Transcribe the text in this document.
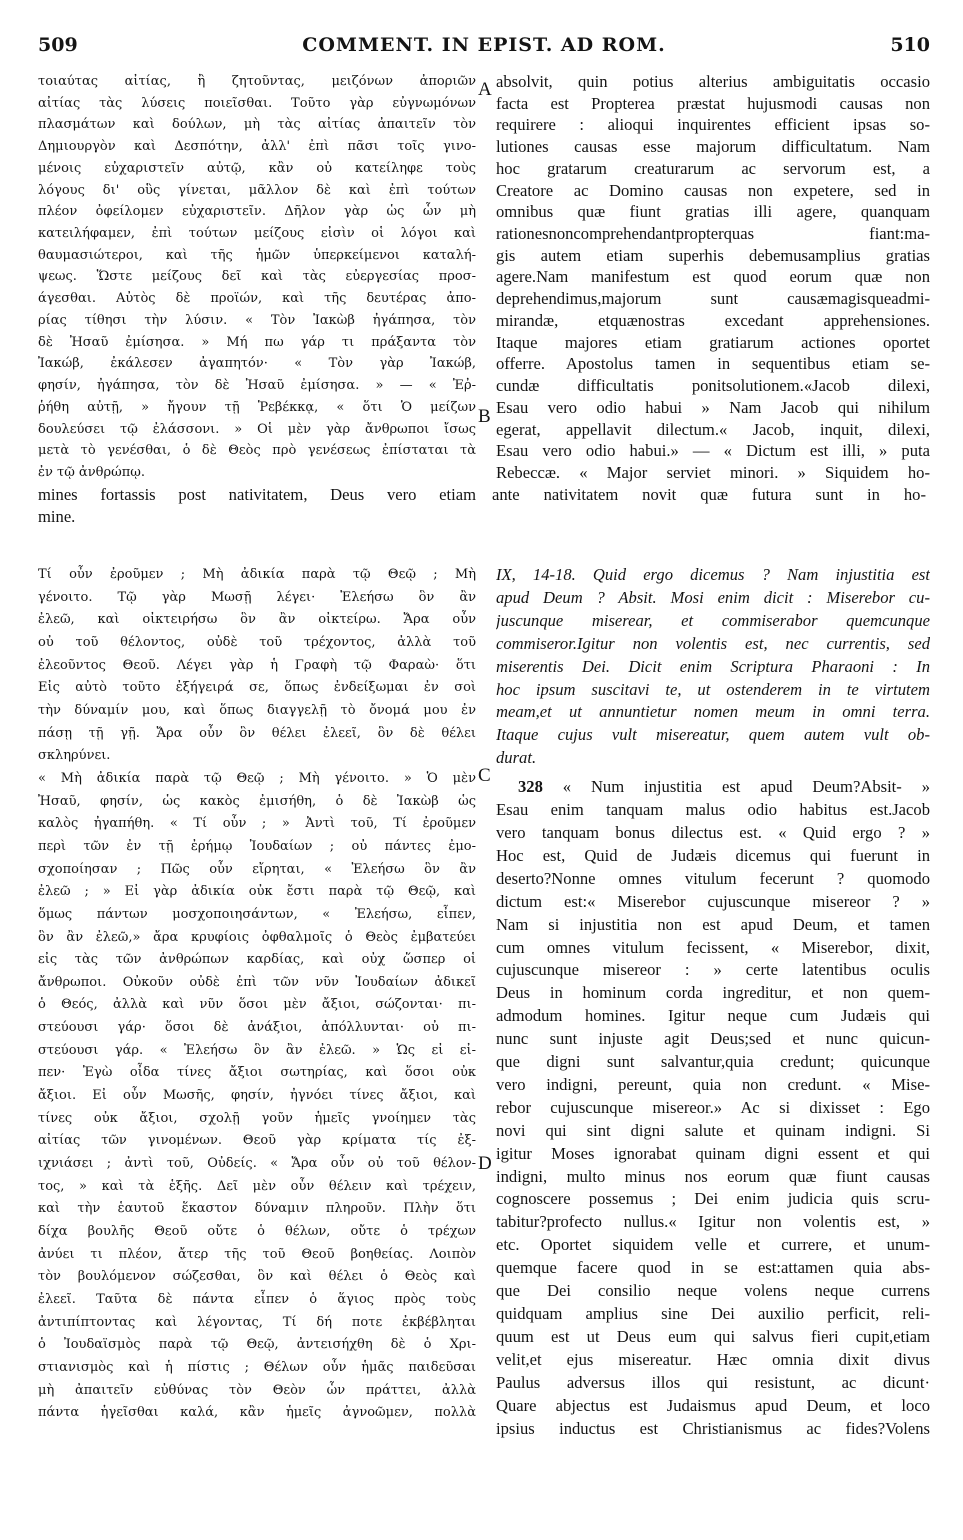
509	COMMENT. IN EPIST. AD ROM.	510
τοιαύτας αἰτίας, ἢ ζητοῦντας, μειζόνων ἀποριῶν
αἰτίας τὰς λύσεις ποιεῖσθαι. Τοῦτο γὰρ εὐγνωμόνων
πλασμάτων καὶ δούλων, μὴ τὰς αἰτίας ἀπαιτεῖν τὸν
Δημιουργὸν καὶ Δεσπότην, ἀλλ' ἐπὶ πᾶσι τοῖς γινο-
μένοις εὐχαριστεῖν αὐτῷ, κἂν οὐ κατείληφε τοὺς
λόγους δι' οὓς γίνεται, μᾶλλον δὲ καὶ ἐπὶ τούτων
πλέον ὀφείλομεν εὐχαριστεῖν. Δῆλον γὰρ ὡς ὧν μὴ
κατειλήφαμεν, ἐπὶ τούτων μείζους εἰσὶν οἱ λόγοι καὶ
θαυμασιώτεροι, καὶ τῆς ἡμῶν ὑπερκείμενοι καταλή-
ψεως. Ὥστε μείζους δεῖ καὶ τὰς εὐεργεσίας προσ-
άγεσθαι. Αὐτὸς δὲ προϊών, καὶ τῆς δευτέρας ἀπο-
ρίας τίθησι τὴν λύσιν. « Τὸν Ἰακὼβ ἠγάπησα, τὸν
δὲ Ἠσαῦ ἐμίσησα. » Μή πω γάρ τι πράξαντα τὸν
Ἰακώβ, ἐκάλεσεν ἀγαπητόν· « Τὸν γὰρ Ἰακώβ,
φησίν, ἠγάπησα, τὸν δὲ Ἠσαῦ ἐμίσησα. » — « Ἐῤ-
ῥήθη αὐτῇ, » ἤγουν τῇ Ῥεβέκκᾳ, « ὅτι Ὁ μείζων
δουλεύσει τῷ ἐλάσσονι. » Οἱ μὲν γὰρ ἄνθρωποι ἴσως
μετὰ τὸ γενέσθαι, ὁ δὲ Θεὸς πρὸ γενέσεως ἐπίσταται τὰ
ἐν τῷ ἀνθρώπῳ.
absolvit, quin potius alterius ambiguitatis occasio
facta est Propterea præstat hujusmodi causas non
requirere : alioqui inquirentes efficient ipsas so-
lutiones causas esse majorum difficultatum. Nam
hoc gratarum creaturarum ac servorum est, a
Creatore ac Domino causas non expetere, sed in
omnibus quæ fiunt gratias illi agere, quanquam
rationesnoncomprehendantpropterquas fiant:ma-
gis autem etiam superhis debemusamplius gratias
agere.Nam manifestum est quod eorum quæ non
deprehendimus,majorum sunt causæmagisqueadmi-
mirandæ, etquænostras excedant apprehensiones.
Itaque majores etiam gratiarum actiones oportet
offerre. Apostolus tamen in sequentibus etiam se-
cundæ difficultatis ponitsolutionem.«Jacob dilexi,
Esau vero odio habui » Nam Jacob qui nihilum
egerat, appellavit dilectum.« Jacob, inquit, dilexi,
Esau vero odio habui.» — « Dictum est illi, » puta
Rebeccæ. « Major serviet minori. » Siquidem ho-
A
B
mines fortassis post nativitatem, Deus vero etiam ante nativitatem novit quæ futura sunt in ho-
mine.
Τί οὖν ἐροῦμεν ; Μὴ ἀδικία παρὰ τῷ Θεῷ ; Μὴ
γένοιτο. Τῷ γὰρ Μωσῇ λέγει· Ἐλεήσω ὃν ἂν
ἐλεῶ, καὶ οἰκτειρήσω ὃν ἂν οἰκτείρω. Ἄρα οὖν
οὐ τοῦ θέλοντος, οὐδὲ τοῦ τρέχοντος, ἀλλὰ τοῦ
ἐλεοῦντος Θεοῦ. Λέγει γὰρ ἡ Γραφὴ τῷ Φαραὼ· ὅτι
Εἰς αὐτὸ τοῦτο ἐξήγειρά σε, ὅπως ἐνδείξωμαι ἐν σοὶ
τὴν δύναμίν μου, καὶ ὅπως διαγγελῇ τὸ ὄνομά μου ἐν
πάσῃ τῇ γῇ. Ἄρα οὖν ὃν θέλει ἐλεεῖ, ὃν δὲ θέλει
σκληρύνει.
« Μὴ ἀδικία παρὰ τῷ Θεῷ ; Μὴ γένοιτο. » Ὁ μὲν
Ἠσαῦ, φησίν, ὡς κακὸς ἐμισήθη, ὁ δὲ Ἰακὼβ ὡς
καλὸς ἠγαπήθη. « Τί οὖν ; » Ἀντὶ τοῦ, Τί ἐροῦμεν
περὶ τῶν ἐν τῇ ἐρήμῳ Ἰουδαίων ; οὐ πάντες ἐμο-
σχοποίησαν ; Πῶς οὖν εἴρηται, « Ἐλεήσω ὃν ἂν
ἐλεῶ ; » Εἰ γὰρ ἀδικία οὐκ ἔστι παρὰ τῷ Θεῷ, καὶ
ὅμως πάντων μοσχοποιησάντων, « Ἐλεήσω, εἶπεν,
ὃν ἂν ἐλεῶ,» ἄρα κρυφίοις ὀφθαλμοῖς ὁ Θεὸς ἐμβατεύει
εἰς τὰς τῶν ἀνθρώπων καρδίας, καὶ οὐχ ὥσπερ οἱ
ἄνθρωποι. Οὐκοῦν οὐδὲ ἐπὶ τῶν νῦν Ἰουδαίων ἀδικεῖ
ὁ Θεός, ἀλλὰ καὶ νῦν ὅσοι μὲν ἄξιοι, σώζονται· πι-
στεύουσι γάρ· ὅσοι δὲ ἀνάξιοι, ἀπόλλυνται· οὐ πι-
στεύουσι γάρ. « Ἐλεήσω ὃν ἂν ἐλεῶ. » Ὡς εἰ εἰ-
πεν· Ἐγὼ οἶδα τίνες ἄξιοι σωτηρίας, καὶ ὅσοι οὐκ
ἄξιοι. Εἰ οὖν Μωσῆς, φησίν, ἠγνόει τίνες ἄξιοι, καὶ
τίνες οὐκ ἄξιοι, σχολῇ γοῦν ἡμεῖς γνοίημεν τὰς
αἰτίας τῶν γινομένων. Θεοῦ γὰρ κρίματα τίς ἐξ-
ιχνιάσει ; ἀντὶ τοῦ, Οὐδείς. « Ἄρα οὖν οὐ τοῦ θέλον-
τος, » καὶ τὰ ἑξῆς. Δεῖ μὲν οὖν θέλειν καὶ τρέχειν,
καὶ τὴν ἑαυτοῦ ἕκαστον δύναμιν πληροῦν. Πλὴν ὅτι
δίχα βουλῆς Θεοῦ οὔτε ὁ θέλων, οὔτε ὁ τρέχων
ἀνύει τι πλέον, ἄτερ τῆς τοῦ Θεοῦ βοηθείας. Λοιπὸν
τὸν βουλόμενον σώζεσθαι, ὃν καὶ θέλει ὁ Θεὸς καὶ
ἐλεεῖ. Ταῦτα δὲ πάντα εἶπεν ὁ ἅγιος πρὸς τοὺς
ἀντιπίπτοντας καὶ λέγοντας, Τί δή ποτε ἐκβέβληται
ὁ Ἰουδαϊσμὸς παρὰ τῷ Θεῷ, ἀντεισήχθη δὲ ὁ Χρι-
στιανισμὸς καὶ ἡ πίστις ; Θέλων οὖν ἡμᾶς παιδεῦσαι
μὴ ἀπαιτεῖν εὐθύνας τὸν Θεὸν ὧν πράττει, ἀλλὰ
πάντα ἡγεῖσθαι καλά, κἂν ἡμεῖς ἀγνοῶμεν, πολλὰ
IX, 14-18. Quid ergo dicemus ? Nam injustitia est
apud Deum ? Absit. Mosi enim dicit : Miserebor cu-
juscunque miserear, et commiserabor quemcunque
commiseror.Igitur non volentis est, nec currentis, sed
miserentis Dei. Dicit enim Scriptura Pharaoni : In
hoc ipsum suscitavi te, ut ostenderem in te virtutem
meam,et ut annuntietur nomen meum in omni terra.
Itaque cujus vult misereatur, quem autem vult ob-
durat.
328 « Num injustitia est apud Deum?Absit- »
Esau enim tanquam malus odio habitus est.Jacob
vero tanquam bonus dilectus est. « Quid ergo ? »
Hoc est, Quid de Judæis dicemus qui fuerunt in
deserto?Nonne omnes vitulum fecerunt ? quomodo
dictum est:« Miserebor cujuscunque misereor ? »
Nam si injustitia non est apud Deum, et tamen
cum omnes vitulum fecissent, « Miserebor, dixit,
cujuscunque misereor : » certe latentibus oculis
Deus in hominum corda ingreditur, et non quem-
admodum homines. Igitur neque cum Judæis qui
nunc sunt injuste agit Deus;sed et nunc quicun-
que digni sunt salvantur,quia credunt; quicunque
vero indigni, pereunt, quia non credunt. « Mise-
rebor cujuscunque misereor.» Ac si dixisset : Ego
novi qui sint digni salute et quinam indigni. Si
igitur Moses ignorabat quinam digni essent et qui
indigni, multo minus nos eorum quæ fiunt causas
cognoscere possemus ; Dei enim judicia quis scru-
tabitur?profecto nullus.« Igitur non volentis est, »
etc. Oportet siquidem velle et currere, et unum-
quemque facere quod in se est:attamen quia abs-
que Dei consilio neque volens neque currens
quidquam amplius sine Dei auxilio perficit, reli-
quum est ut Deus eum qui salvus fieri cupit,etiam
velit,et ejus misereatur. Hæc omnia dixit divus
Paulus adversus illos qui resistunt, ac dicunt·
Quare abjectus est Judaismus apud Deum, et loco
ipsius inductus est Christianismus ac fides?Volens
C
D
